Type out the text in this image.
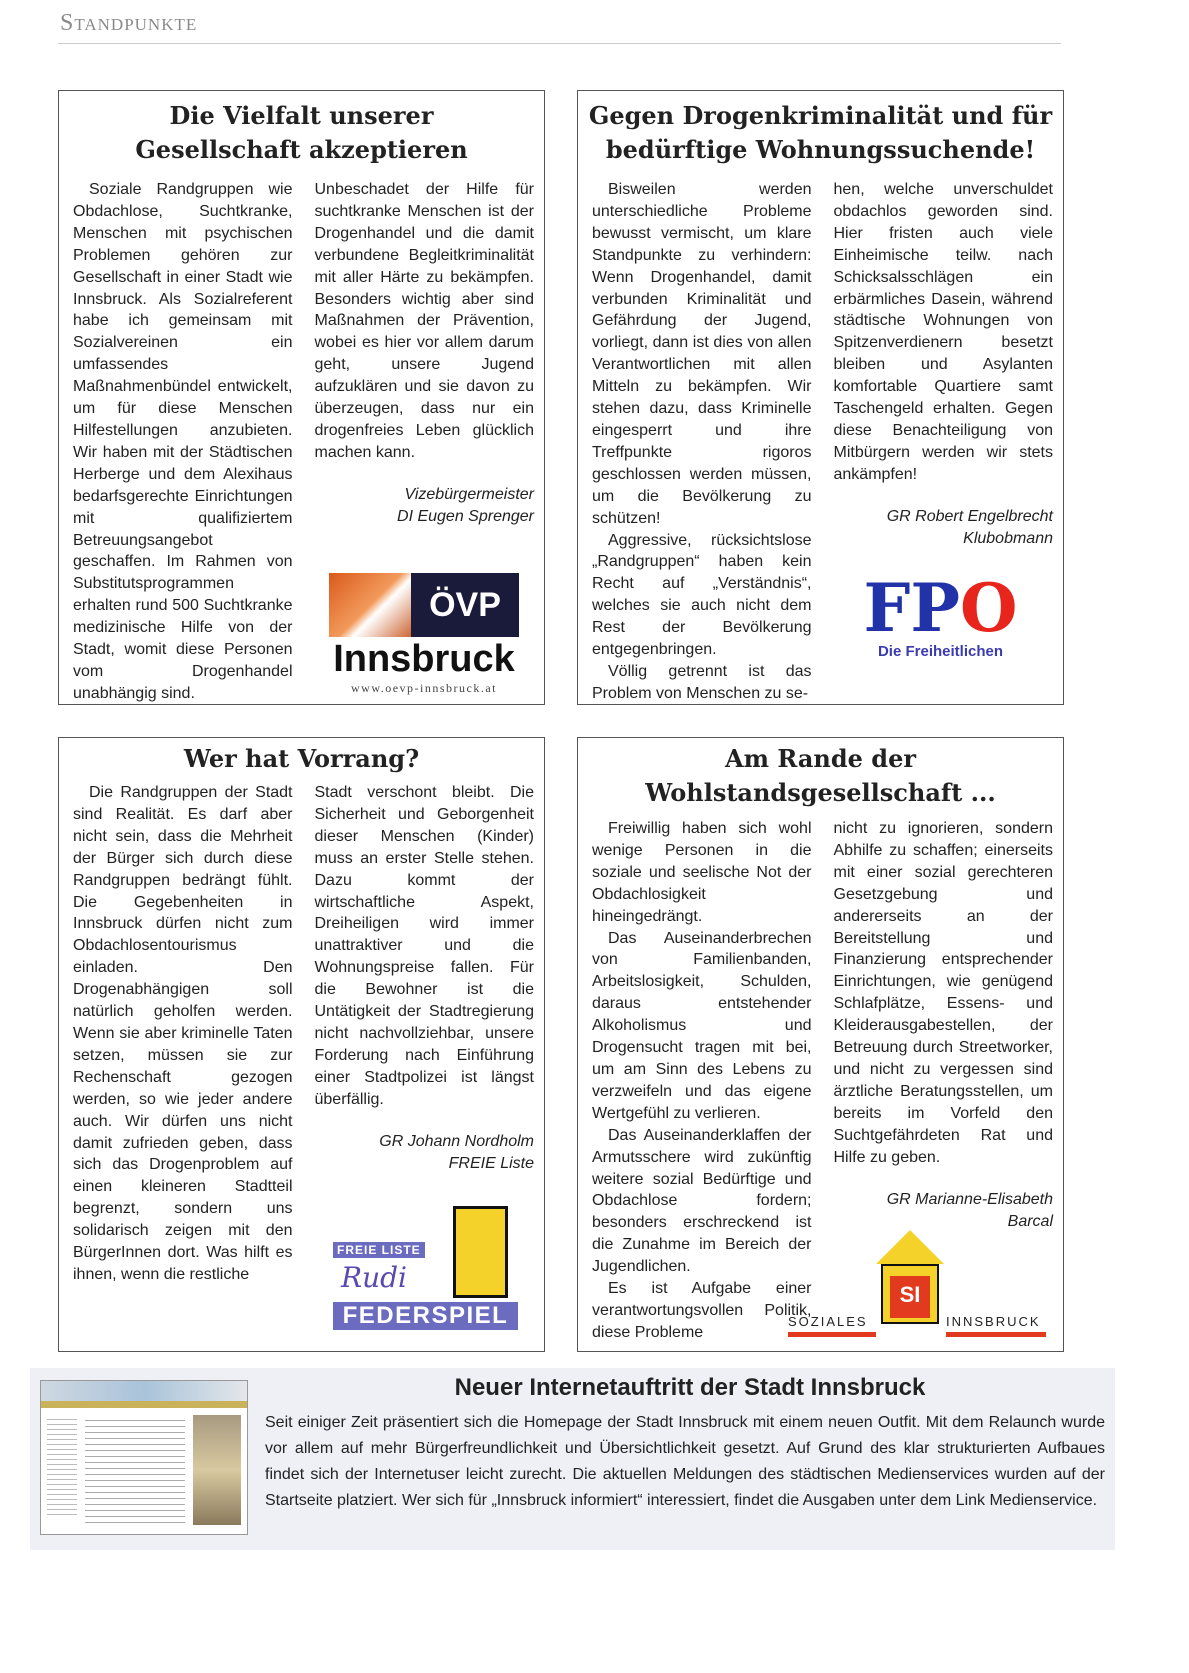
Standpunkte
Die Vielfalt unserer Gesellschaft akzeptieren

Soziale Randgruppen wie Obdachlose, Suchtkranke, Menschen mit psychischen Problemen gehören zur Gesellschaft in einer Stadt wie Innsbruck. Als Sozialreferent habe ich gemeinsam mit Sozialvereinen ein umfassendes Maßnahmenbündel entwickelt, um für diese Menschen Hilfestellungen anzubieten. Wir haben mit der Städtischen Herberge und dem Alexihaus bedarfsgerechte Einrichtungen mit qualifiziertem Betreuungsangebot geschaffen. Im Rahmen von Substitutsprogrammen erhalten rund 500 Suchtkranke medizinische Hilfe von der Stadt, womit diese Personen vom Drogenhandel unabhängig sind.

Unbeschadet der Hilfe für suchtkranke Menschen ist der Drogenhandel und die damit verbundene Begleitkriminalität mit aller Härte zu bekämpfen. Besonders wichtig aber sind Maßnahmen der Prävention, wobei es hier vor allem darum geht, unsere Jugend aufzuklären und sie davon zu überzeugen, dass nur ein drogenfreies Leben glücklich machen kann.

Vizebürgermeister
DI Eugen Sprenger
ÖVP
Innsbruck
www.oevp-innsbruck.at
Gegen Drogenkriminalität und für bedürftige Wohnungssuchende!

Bisweilen werden unterschiedliche Probleme bewusst vermischt, um klare Standpunkte zu verhindern: Wenn Drogenhandel, damit verbunden Kriminalität und Gefährdung der Jugend, vorliegt, dann ist dies von allen Verantwortlichen mit allen Mitteln zu bekämpfen. Wir stehen dazu, dass Kriminelle eingesperrt und ihre Treffpunkte rigoros geschlossen werden müssen, um die Bevölkerung zu schützen!

Aggressive, rücksichtslose „Randgruppen“ haben kein Recht auf „Verständnis“, welches sie auch nicht dem Rest der Bevölkerung entgegenbringen.

Völlig getrennt ist das Problem von Menschen zu se-

hen, welche unverschuldet obdachlos geworden sind. Hier fristen auch viele Einheimische teilw. nach Schicksalsschlägen ein erbärmliches Dasein, während städtische Wohnungen von Spitzenverdienern besetzt bleiben und Asylanten komfortable Quartiere samt Taschengeld erhalten. Gegen diese Benachteiligung von Mitbürgern werden wir stets ankämpfen!

GR Robert Engelbrecht
Klubobmann
FPO
Die Freiheitlichen
Wer hat Vorrang?

Die Randgruppen der Stadt sind Realität. Es darf aber nicht sein, dass die Mehrheit der Bürger sich durch diese Randgruppen bedrängt fühlt. Die Gegebenheiten in Innsbruck dürfen nicht zum Obdachlosentourismus einladen. Den Drogenabhängigen soll natürlich geholfen werden. Wenn sie aber kriminelle Taten setzen, müssen sie zur Rechenschaft gezogen werden, so wie jeder andere auch. Wir dürfen uns nicht damit zufrieden geben, dass sich das Drogenproblem auf einen kleineren Stadtteil begrenzt, sondern uns solidarisch zeigen mit den BürgerInnen dort. Was hilft es ihnen, wenn die restliche

Stadt verschont bleibt. Die Sicherheit und Geborgenheit dieser Menschen (Kinder) muss an erster Stelle stehen. Dazu kommt der wirtschaftliche Aspekt, Dreiheiligen wird immer unattraktiver und die Wohnungspreise fallen. Für die Bewohner ist die Untätigkeit der Stadtregierung nicht nachvollziehbar, unsere Forderung nach Einführung einer Stadtpolizei ist längst überfällig.

GR Johann Nordholm
FREIE Liste
FREIE LISTE
Rudi
FEDERSPIEL
Am Rande der Wohlstandsgesellschaft ...

Freiwillig haben sich wohl wenige Personen in die soziale und seelische Not der Obdachlosigkeit hineingedrängt.

Das Auseinanderbrechen von Familienbanden, Arbeitslosigkeit, Schulden, daraus entstehender Alkoholismus und Drogensucht tragen mit bei, um am Sinn des Lebens zu verzweifeln und das eigene Wertgefühl zu verlieren.

Das Auseinanderklaffen der Armutsschere wird zukünftig weitere sozial Bedürftige und Obdachlose fordern; besonders erschreckend ist die Zunahme im Bereich der Jugendlichen.

Es ist Aufgabe einer verantwortungsvollen Politik, diese Probleme

nicht zu ignorieren, sondern Abhilfe zu schaffen; einerseits mit einer sozial gerechteren Gesetzgebung und andererseits an der Bereitstellung und Finanzierung entsprechender Einrichtungen, wie genügend Schlafplätze, Essens- und Kleiderausgabestellen, der Betreuung durch Streetworker, und nicht zu vergessen sind ärztliche Beratungsstellen, um bereits im Vorfeld den Suchtgefährdeten Rat und Hilfe zu geben.

GR Marianne-Elisabeth
Barcal
SI
SOZIALES	INNSBRUCK
Neuer Internetauftritt der Stadt Innsbruck
Seit einiger Zeit präsentiert sich die Homepage der Stadt Innsbruck mit einem neuen Outfit. Mit dem Relaunch wurde vor allem auf mehr Bürgerfreundlichkeit und Übersichtlichkeit gesetzt. Auf Grund des klar strukturierten Aufbaues findet sich der Internetuser leicht zurecht. Die aktuellen Meldungen des städtischen Medienservices wurden auf der Startseite platziert. Wer sich für „Innsbruck informiert“ interessiert, findet die Ausgaben unter dem Link Medienservice.
